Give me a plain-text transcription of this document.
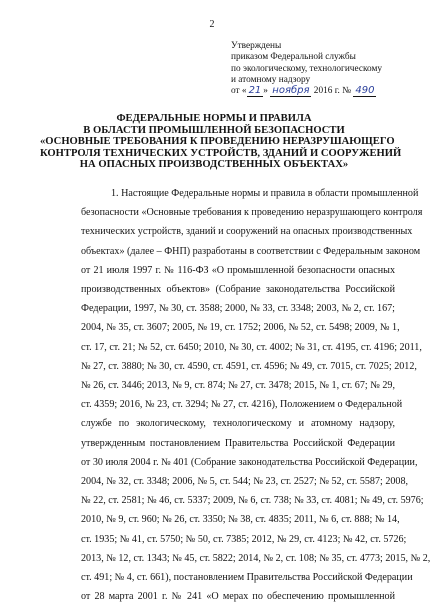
2
Утверждены
приказом Федеральной службы
по экологическому, технологическому
и атомному надзору
от « 21 » ноября 2016 г. № 490
ФЕДЕРАЛЬНЫЕ НОРМЫ И ПРАВИЛА
В ОБЛАСТИ ПРОМЫШЛЕННОЙ БЕЗОПАСНОСТИ
«ОСНОВНЫЕ ТРЕБОВАНИЯ К ПРОВЕДЕНИЮ НЕРАЗРУШАЮЩЕГО
КОНТРОЛЯ ТЕХНИЧЕСКИХ УСТРОЙСТВ, ЗДАНИЙ И СООРУЖЕНИЙ
НА ОПАСНЫХ ПРОИЗВОДСТВЕННЫХ ОБЪЕКТАХ»
1. Настоящие Федеральные нормы и правила в области промышленной
безопасности «Основные требования к проведению неразрушающего контроля
технических устройств, зданий и сооружений на опасных производственных
объектах» (далее – ФНП) разработаны в соответствии с Федеральным законом
от 21 июля 1997 г. № 116-ФЗ «О промышленной безопасности опасных
производственных объектов» (Собрание законодательства Российской
Федерации, 1997, № 30, ст. 3588; 2000, № 33, ст. 3348; 2003, № 2, ст. 167;
2004, № 35, ст. 3607; 2005, № 19, ст. 1752; 2006, № 52, ст. 5498; 2009, № 1,
ст. 17, ст. 21; № 52, ст. 6450; 2010, № 30, ст. 4002; № 31, ст. 4195, ст. 4196; 2011,
№ 27, ст. 3880; № 30, ст. 4590, ст. 4591, ст. 4596; № 49, ст. 7015, ст. 7025; 2012,
№ 26, ст. 3446; 2013, № 9, ст. 874; № 27, ст. 3478; 2015, № 1, ст. 67; № 29,
ст. 4359; 2016, № 23, ст. 3294; № 27, ст. 4216), Положением о Федеральной
службе по экологическому, технологическому и атомному надзору,
утвержденным постановлением Правительства Российской Федерации
от 30 июля 2004 г. № 401 (Собрание законодательства Российской Федерации,
2004, № 32, ст. 3348; 2006, № 5, ст. 544; № 23, ст. 2527; № 52, ст. 5587; 2008,
№ 22, ст. 2581; № 46, ст. 5337; 2009, № 6, ст. 738; № 33, ст. 4081; № 49, ст. 5976;
2010, № 9, ст. 960; № 26, ст. 3350; № 38, ст. 4835; 2011, № 6, ст. 888; № 14,
ст. 1935; № 41, ст. 5750; № 50, ст. 7385; 2012, № 29, ст. 4123; № 42, ст. 5726;
2013, № 12, ст. 1343; № 45, ст. 5822; 2014, № 2, ст. 108; № 35, ст. 4773; 2015, № 2,
ст. 491; № 4, ст. 661), постановлением Правительства Российской Федерации
от 28 марта 2001 г. № 241 «О мерах по обеспечению промышленной
